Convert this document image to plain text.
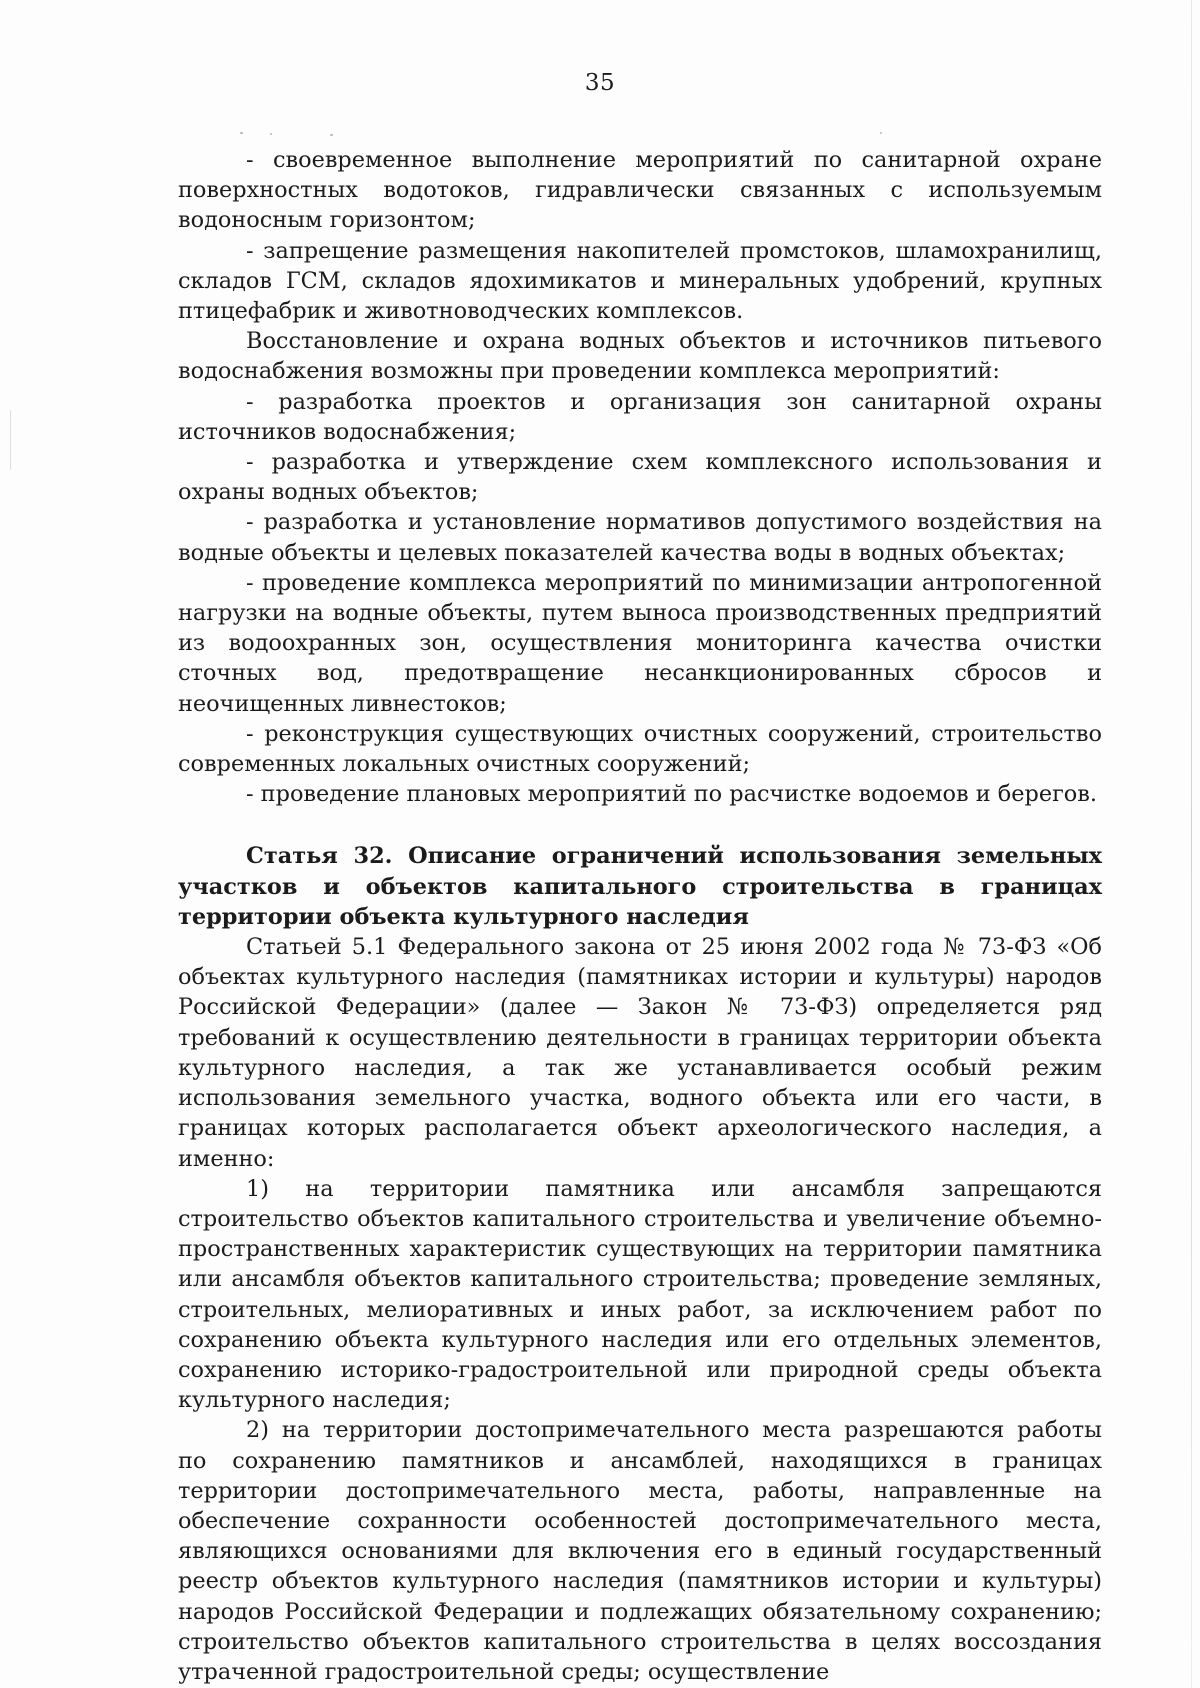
35

- своевременное выполнение мероприятий по санитарной охране поверхностных водотоков, гидравлически связанных с используемым водоносным горизонтом;

- запрещение размещения накопителей промстоков, шламохранилищ, складов ГСМ, складов ядохимикатов и минеральных удобрений, крупных птицефабрик и животноводческих комплексов.

Восстановление и охрана водных объектов и источников питьевого водоснабжения возможны при проведении комплекса мероприятий:

- разработка проектов и организация зон санитарной охраны источников водоснабжения;

- разработка и утверждение схем комплексного использования и охраны водных объектов;

- разработка и установление нормативов допустимого воздействия на водные объекты и целевых показателей качества воды в водных объектах;

- проведение комплекса мероприятий по минимизации антропогенной нагрузки на водные объекты, путем выноса производственных предприятий из водоохранных зон, осуществления мониторинга качества очистки сточных вод, предотвращение несанкционированных сбросов и неочищенных ливнестоков;

- реконструкция существующих очистных сооружений, строительство современных локальных очистных сооружений;

- проведение плановых мероприятий по расчистке водоемов и берегов.

Статья 32. Описание ограничений использования земельных участков и объектов капитального строительства в границах территории объекта культурного наследия

Статьей 5.1 Федерального закона от 25 июня 2002 года № 73-ФЗ «Об объектах культурного наследия (памятниках истории и культуры) народов Российской Федерации» (далее — Закон № 73-ФЗ) определяется ряд требований к осуществлению деятельности в границах территории объекта культурного наследия, а так же устанавливается особый режим использования земельного участка, водного объекта или его части, в границах которых располагается объект археологического наследия, а именно:

1) на территории памятника или ансамбля запрещаются строительство объектов капитального строительства и увеличение объемно-пространственных характеристик существующих на территории памятника или ансамбля объектов капитального строительства; проведение земляных, строительных, мелиоративных и иных работ, за исключением работ по сохранению объекта культурного наследия или его отдельных элементов, сохранению историко-градостроительной или природной среды объекта культурного наследия;

2) на территории достопримечательного места разрешаются работы по сохранению памятников и ансамблей, находящихся в границах территории достопримечательного места, работы, направленные на обеспечение сохранности особенностей достопримечательного места, являющихся основаниями для включения его в единый государственный реестр объектов культурного наследия (памятников истории и культуры) народов Российской Федерации и подлежащих обязательному сохранению; строительство объектов капитального строительства в целях воссоздания утраченной градостроительной среды; осуществление
